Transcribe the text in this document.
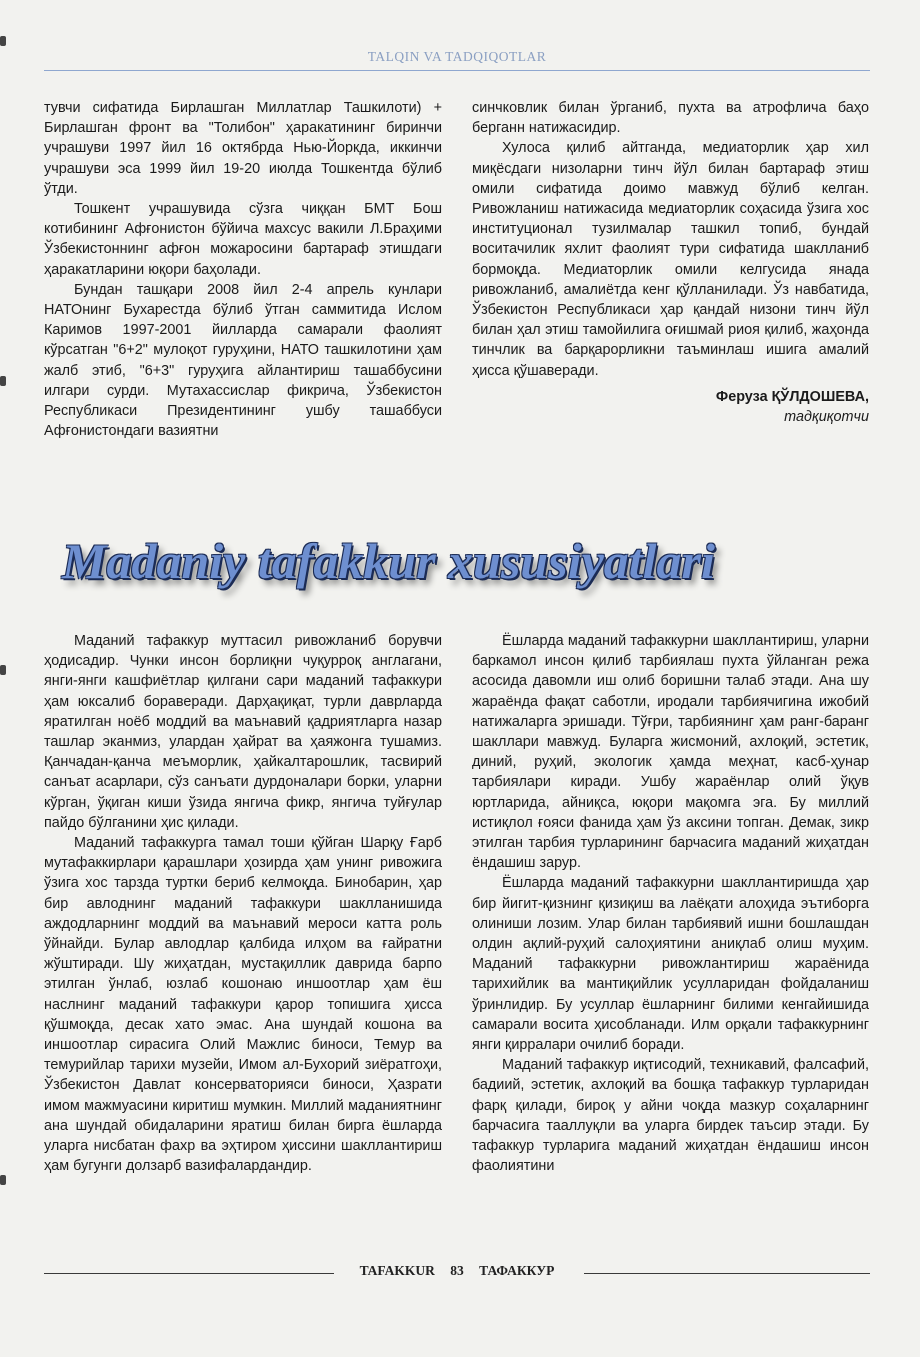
TALQIN VA TADQIQOTLAR

тувчи сифатида Бирлашган Миллатлар Ташкилоти) + Бирлашган фронт ва "Толибон" ҳаракатининг биринчи учрашуви 1997 йил 16 октябрда Нью-Йоркда, иккинчи учрашуви эса 1999 йил 19-20 июлда Тошкентда бўлиб ўтди.

Тошкент учрашувида сўзга чиққан БМТ Бош котибининг Афғонистон бўйича махсус вакили Л.Браҳими Ўзбекистоннинг афғон можаросини бартараф этишдаги ҳаракатларини юқори баҳолади.

Бундан ташқари 2008 йил 2-4 апрель кунлари НАТОнинг Бухарестда бўлиб ўтган саммитида Ислом Каримов 1997-2001 йилларда самарали фаолият кўрсатган "6+2" мулоқот гуруҳини, НАТО ташкилотини ҳам жалб этиб, "6+3" гуруҳига айлантириш ташаббусини илгари сурди. Мутахассислар фикрича, Ўзбекистон Республикаси Президентининг ушбу ташаббуси Афғонистондаги вазиятни

синчковлик билан ўрганиб, пухта ва атрофлича баҳо берганн натижасидир.

Хулоса қилиб айтганда, медиаторлик ҳар хил миқёсдаги низоларни тинч йўл билан бартараф этиш омили сифатида доимо мавжуд бўлиб келган. Ривожланиш натижасида медиаторлик соҳасида ўзига хос институционал тузилмалар ташкил топиб, бундай воситачилик яхлит фаолият тури сифатида шаклланиб бормоқда. Медиаторлик омили келгусида янада ривожланиб, амалиётда кенг қўлланилади. Ўз навбатида, Ўзбекистон Республикаси ҳар қандай низони тинч йўл билан ҳал этиш тамойилига оғишмай риоя қилиб, жаҳонда тинчлик ва барқарорликни таъминлаш ишига амалий ҳисса қўшаверади.

Феруза ҚЎЛДОШЕВА,
тадқиқотчи
Madaniy tafakkur xususiyatlari

Маданий тафаккур муттасил ривожланиб борувчи ҳодисадир. Чунки инсон борлиқни чуқурроқ англагани, янги-янги кашфиётлар қилгани сари маданий тафаккури ҳам юксалиб бораверади. Дарҳақиқат, турли даврларда яратилган ноёб моддий ва маънавий қадриятларга назар ташлар эканмиз, улардан ҳайрат ва ҳаяжонга тушамиз. Қанчадан-қанча меъморлик, ҳайкалтарошлик, тасвирий санъат асарлари, сўз санъати дурдоналари борки, уларни кўрган, ўқиган киши ўзида янгича фикр, янгича туйғулар пайдо бўлганини ҳис қилади.

Маданий тафаккурга тамал тоши қўйган Шарқу Ғарб мутафаккирлари қарашлари ҳозирда ҳам унинг ривожига ўзига хос тарзда туртки бериб келмоқда. Бинобарин, ҳар бир авлоднинг маданий тафаккури шаклланишида аждодларнинг моддий ва маънавий мероси катта роль ўйнайди. Булар авлодлар қалбида илҳом ва ғайратни жўштиради. Шу жиҳатдан, мустақиллик даврида барпо этилган ўнлаб, юзлаб кошонаю иншоотлар ҳам ёш наслнинг маданий тафаккури қарор топишига ҳисса қўшмоқда, десак хато эмас. Ана шундай кошона ва иншоотлар сирасига Олий Мажлис биноси, Темур ва темурийлар тарихи музейи, Имом ал-Бухорий зиёратгоҳи, Ўзбекистон Давлат консерваторияси биноси, Ҳазрати имом мажмуасини киритиш мумкин. Миллий маданиятнинг ана шундай обидаларини яратиш билан бирга ёшларда уларга нисбатан фахр ва эҳтиром ҳиссини шакллантириш ҳам бугунги долзарб вазифалардандир.

Ёшларда маданий тафаккурни шакллантириш, уларни баркамол инсон қилиб тарбиялаш пухта ўйланган режа асосида давомли иш олиб боришни талаб этади. Ана шу жараёнда фақат саботли, иродали тарбиячигина ижобий натижаларга эришади. Тўғри, тарбиянинг ҳам ранг-баранг шакллари мавжуд. Буларга жисмоний, ахлоқий, эстетик, диний, руҳий, экологик ҳамда меҳнат, касб-ҳунар тарбиялари киради. Ушбу жараёнлар олий ўқув юртларида, айниқса, юқори мақомга эга. Бу миллий истиқлол ғояси фанида ҳам ўз аксини топган. Демак, зикр этилган тарбия турларининг барчасига маданий жиҳатдан ёндашиш зарур.

Ёшларда маданий тафаккурни шакллантиришда ҳар бир йигит-қизнинг қизиқиш ва лаёқати алоҳида эътиборга олиниши лозим. Улар билан тарбиявий ишни бошлашдан олдин ақлий-руҳий салоҳиятини аниқлаб олиш муҳим. Маданий тафаккурни ривожлантириш жараёнида тарихийлик ва мантиқийлик усулларидан фойдаланиш ўринлидир. Бу усуллар ёшларнинг билими кенгайишида самарали восита ҳисобланади. Илм орқали тафаккурнинг янги қирралари очилиб боради.

Маданий тафаккур иқтисодий, техникавий, фалсафий, бадиий, эстетик, ахлоқий ва бошқа тафаккур турларидан фарқ қилади, бироқ у айни чоқда мазкур соҳаларнинг барчасига тааллуқли ва уларга бирдек таъсир этади. Бу тафаккур турларига маданий жиҳатдан ёндашиш инсон фаолиятини

TAFAKKUR 83 ТАФАККУР
